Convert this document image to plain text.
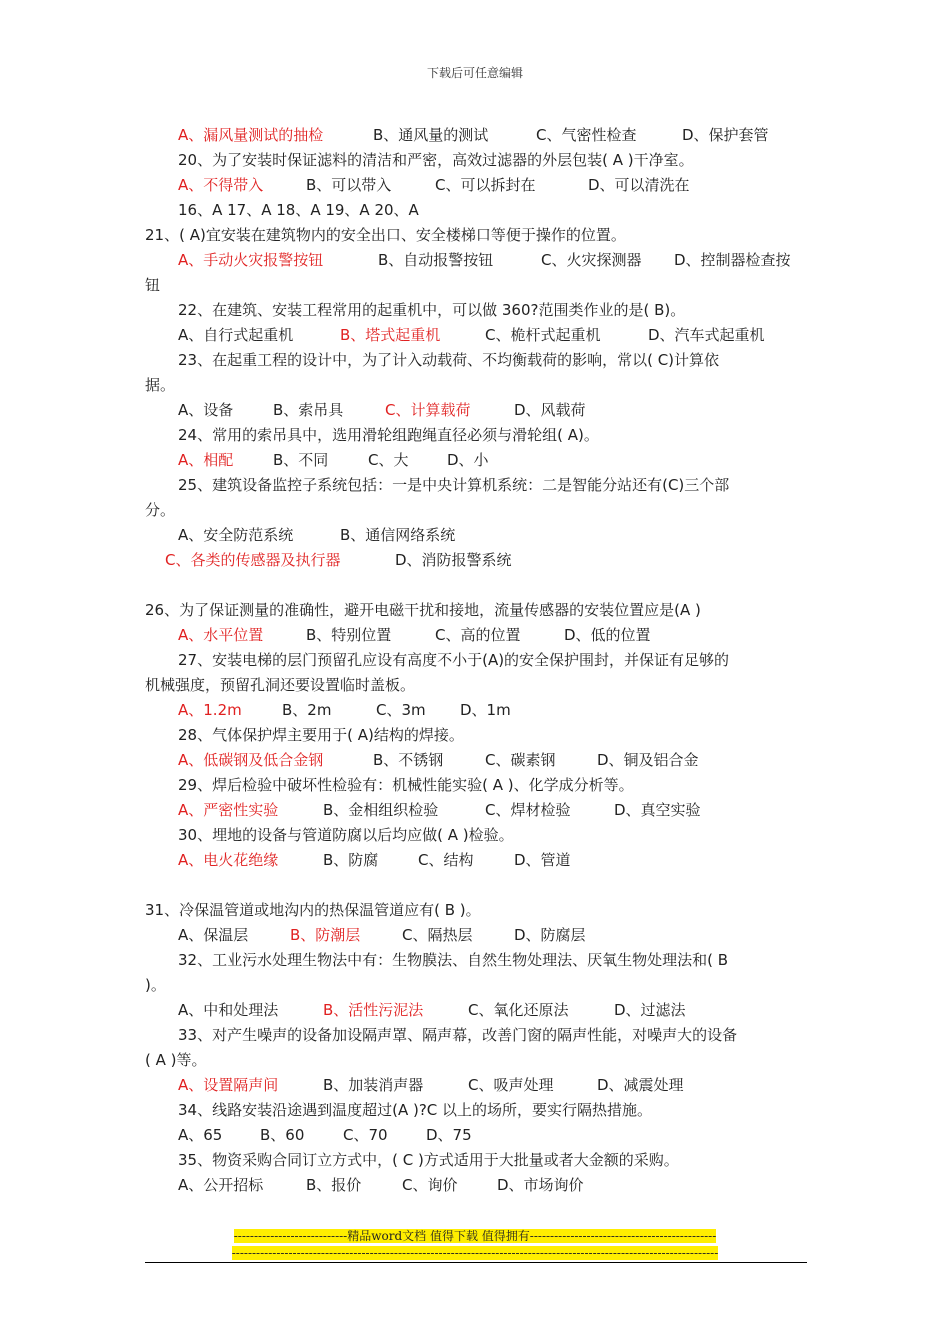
下载后可任意编辑
A、漏风量测试的抽检	B、通风量的测试	C、气密性检查	D、保护套管
20、为了安装时保证滤料的清洁和严密，高效过滤器的外层包装( A )干净室。
A、不得带入	B、可以带入	C、可以拆封在	D、可以清洗在
16、A 17、A 18、A 19、A 20、A
21、( A)宜安装在建筑物内的安全出口、安全楼梯口等便于操作的位置。
A、手动火灾报警按钮	B、自动报警按钮	C、火灾探测器 D、控制器检查按
钮
22、在建筑、安装工程常用的起重机中，可以做 360?范围类作业的是( B)。
A、自行式起重机	B、塔式起重机	C、桅杆式起重机	D、汽车式起重机
23、在起重工程的设计中，为了计入动载荷、不均衡载荷的影响，常以( C)计算依
据。
A、设备	B、索吊具	C、计算载荷	D、风载荷
24、常用的索吊具中，选用滑轮组跑绳直径必须与滑轮组( A)。
A、相配	B、不同	C、大	D、小
25、建筑设备监控子系统包括：一是中央计算机系统：二是智能分站还有(C)三个部
分。
A、安全防范系统	B、通信网络系统
C、各类的传感器及执行器	D、消防报警系统
26、为了保证测量的准确性，避开电磁干扰和接地，流量传感器的安装位置应是(A )
A、水平位置	B、特别位置	C、高的位置	D、低的位置
27、安装电梯的层门预留孔应设有高度不小于(A)的安全保护围封，并保证有足够的
机械强度，预留孔洞还要设置临时盖板。
A、1.2m	B、2m	C、3m D、1m
28、气体保护焊主要用于( A)结构的焊接。
A、低碳钢及低合金钢	B、不锈钢	C、碳素钢	D、铜及铝合金
29、焊后检验中破坏性检验有：机械性能实验( A )、化学成分析等。
A、严密性实验	B、金相组织检验	C、焊材检验	D、真空实验
30、埋地的设备与管道防腐以后均应做( A )检验。
A、电火花绝缘	B、防腐	C、结构	D、管道
31、冷保温管道或地沟内的热保温管道应有( B )。
A、保温层	B、防潮层	C、隔热层	D、防腐层
32、工业污水处理生物法中有：生物膜法、自然生物处理法、厌氧生物处理法和( B
)。
A、中和处理法	B、活性污泥法	C、氧化还原法	D、过滤法
33、对产生噪声的设备加设隔声罩、隔声幕，改善门窗的隔声性能，对噪声大的设备
( A )等。
A、设置隔声间	B、加装消声器	C、吸声处理	D、减震处理
34、线路安装沿途遇到温度超过(A )?C 以上的场所，要实行隔热措施。
A、65	B、60	C、70	D、75
35、物资采购合同订立方式中，( C )方式适用于大批量或者大金额的采购。
A、公开招标	B、报价	C、询价	D、市场询价
----------------------------精品word文档 值得下载 值得拥有----------------------------------------------
------------------------------------------------------------------------------------------------------------------------
